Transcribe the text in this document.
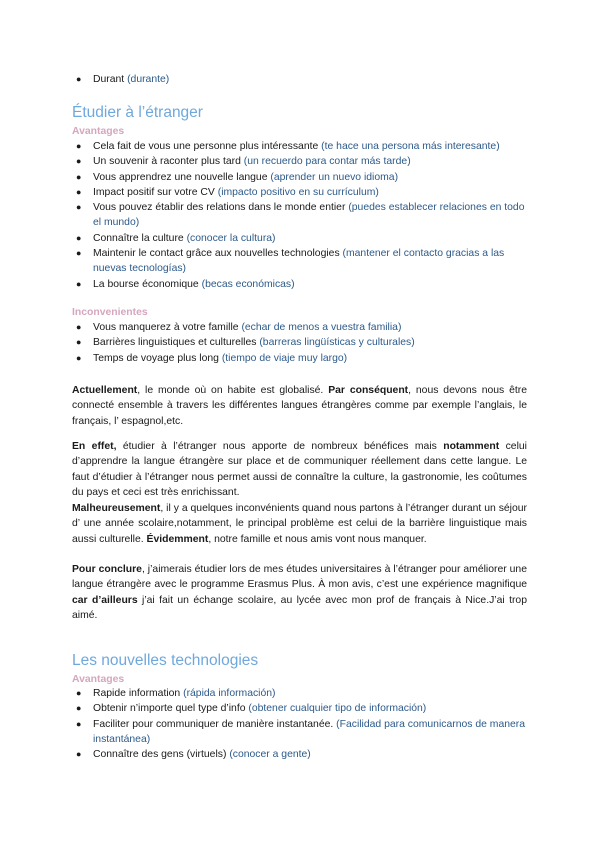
● Durant (durante)
Étudier à l’étranger
Avantages
● Cela fait de vous une personne plus intéressante (te hace una persona más interesante)
● Un souvenir à raconter plus tard (un recuerdo para contar más tarde)
● Vous apprendrez une nouvelle langue (aprender un nuevo idioma)
● Impact positif sur votre CV (impacto positivo en su currículum)
● Vous pouvez établir des relations dans le monde entier (puedes establecer relaciones en todo el mundo)
● Connaître la culture (conocer la cultura)
● Maintenir le contact grâce aux nouvelles technologies (mantener el contacto gracias a las nuevas tecnologías)
● La bourse économique (becas económicas)
Inconvenientes
● Vous manquerez à votre famille (echar de menos a vuestra familia)
● Barrières linguistiques et culturelles (barreras lingüísticas y culturales)
● Temps de voyage plus long (tiempo de viaje muy largo)

Actuellement, le monde où on habite est globalisé. Par conséquent, nous devons nous être connecté ensemble à travers les différentes langues étrangères comme par exemple l’anglais, le français, l’ espagnol,etc.

En effet, étudier à l’étranger nous apporte de nombreux bénéfices mais notamment celui d’apprendre la langue étrangère sur place et de communiquer réellement dans cette langue. Le faut d’étudier à l’étranger nous permet aussi de connaître la culture, la gastronomie, les coûtumes du pays et ceci est très enrichissant.

Malheureusement, il y a quelques inconvénients quand nous partons à l’étranger durant un séjour d’ une année scolaire,notamment, le principal problème est celui de la barrière linguistique mais aussi culturelle. Évidemment, notre famille et nous amis vont nous manquer.

Pour conclure, j’aimerais étudier lors de mes études universitaires à l’étranger pour améliorer une langue étrangère avec le programme Erasmus Plus. À mon avis, c’est une expérience magnifique car d’ailleurs j’ai fait un échange scolaire, au lycée avec mon prof de français à Nice.J’ai trop aimé.

Les nouvelles technologies
Avantages
● Rapide information (rápida información)
● Obtenir n’importe quel type d’info (obtener cualquier tipo de información)
● Faciliter pour communiquer de manière instantanée. (Facilidad para comunicarnos de manera instantánea)
● Connaître des gens (virtuels) (conocer a gente)
